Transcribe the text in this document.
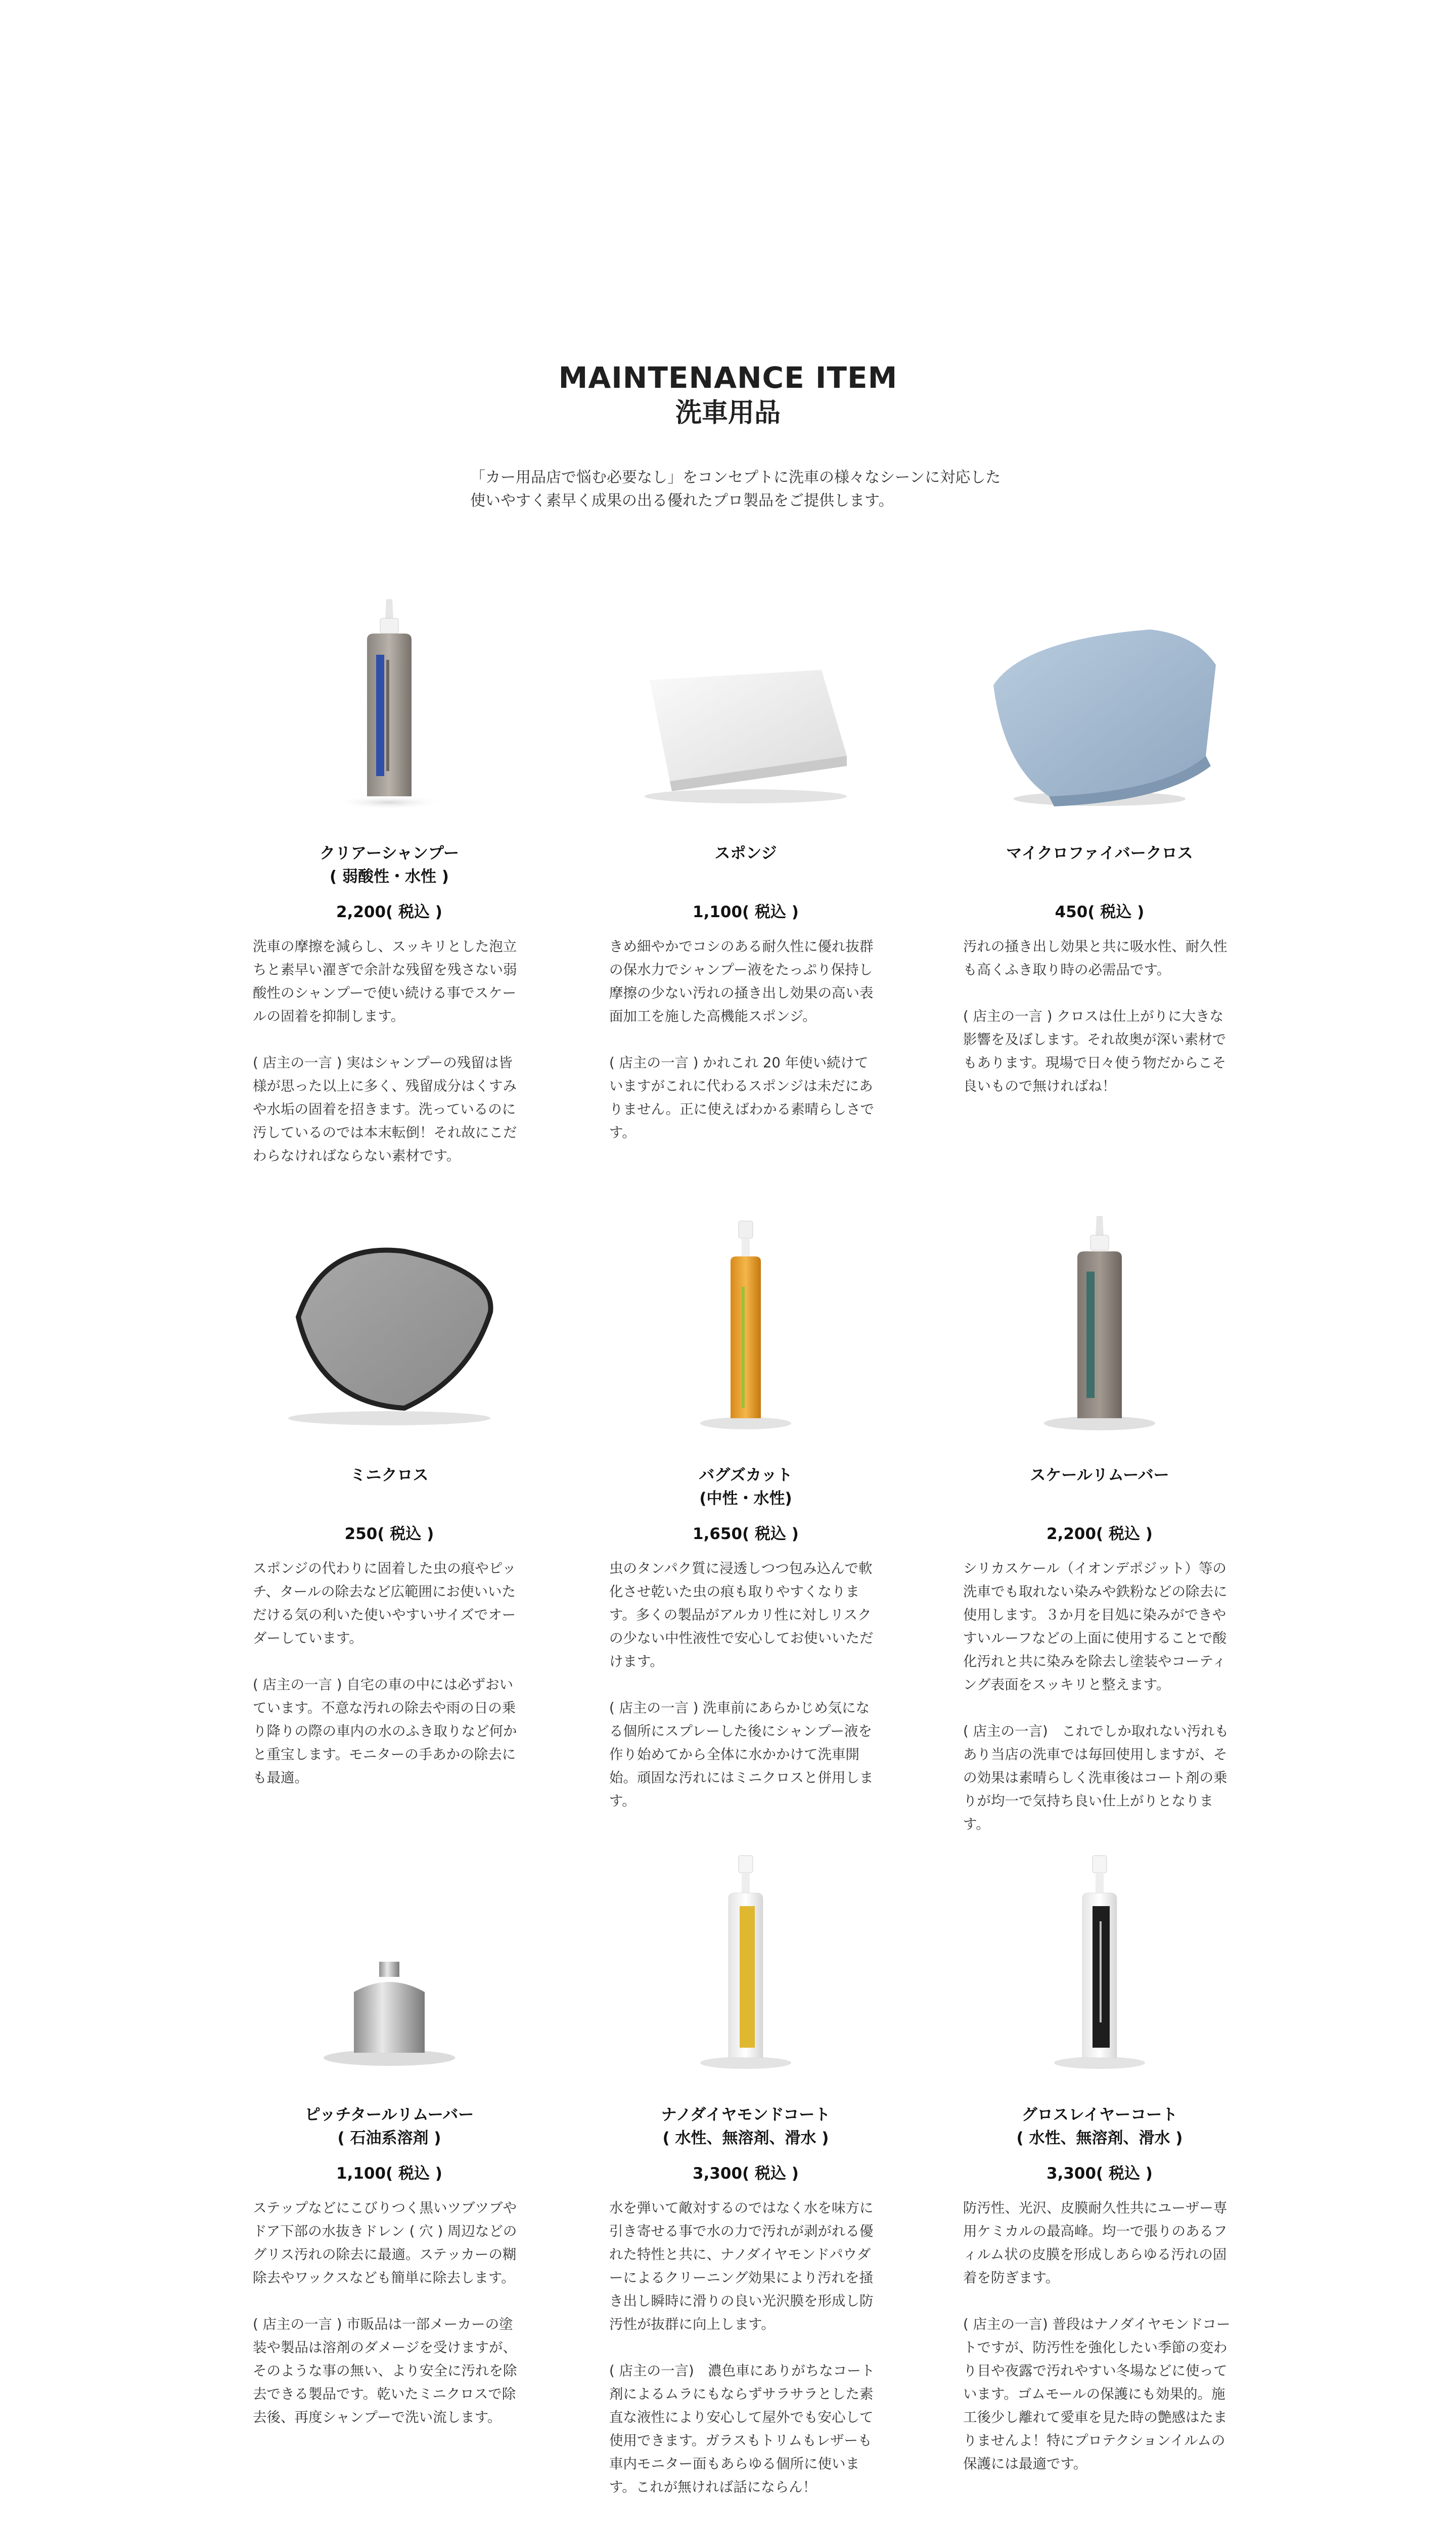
MAINTENANCE ITEM
洗車用品

「カー用品店で悩む必要なし」をコンセプトに洗車の様々なシーンに対応した

使いやすく素早く成果の出る優れたプロ製品をご提供します。

クリアーシャンプー
( 弱酸性・水性 )
2,200( 税込 )

洗車の摩擦を減らし、スッキリとした泡立ちと素早い濯ぎで余計な残留を残さない弱酸性のシャンプーで使い続ける事でスケールの固着を抑制します。

( 店主の一言 ) 実はシャンプーの残留は皆様が思った以上に多く、残留成分はくすみや水垢の固着を招きます。洗っているのに汚しているのでは本末転倒！それ故にこだわらなければならない素材です。

スポンジ
1,100( 税込 )

きめ細やかでコシのある耐久性に優れ抜群の保水力でシャンプー液をたっぷり保持し摩擦の少ない汚れの掻き出し効果の高い表面加工を施した高機能スポンジ。

( 店主の一言 ) かれこれ 20 年使い続けていますがこれに代わるスポンジは未だにありません。正に使えばわかる素晴らしさです。

マイクロファイバークロス
450( 税込 )

汚れの掻き出し効果と共に吸水性、耐久性も高くふき取り時の必需品です。

( 店主の一言 ) クロスは仕上がりに大きな影響を及ぼします。それ故奥が深い素材でもあります。現場で日々使う物だからこそ良いもので無ければね！

ミニクロス
250( 税込 )

スポンジの代わりに固着した虫の痕やピッチ、タールの除去など広範囲にお使いいただける気の利いた使いやすいサイズでオーダーしています。

( 店主の一言 ) 自宅の車の中には必ずおいています。不意な汚れの除去や雨の日の乗り降りの際の車内の水のふき取りなど何かと重宝します。モニターの手あかの除去にも最適。

バグズカット
(中性・水性)
1,650( 税込 )

虫のタンパク質に浸透しつつ包み込んで軟化させ乾いた虫の痕も取りやすくなります。多くの製品がアルカリ性に対しリスクの少ない中性液性で安心してお使いいただけます。

( 店主の一言 ) 洗車前にあらかじめ気になる個所にスプレーした後にシャンプー液を作り始めてから全体に水かかけて洗車開始。頑固な汚れにはミニクロスと併用します。

スケールリムーバー
2,200( 税込 )

シリカスケール（イオンデポジット）等の洗車でも取れない染みや鉄粉などの除去に使用します。３か月を目処に染みができやすいルーフなどの上面に使用することで酸化汚れと共に染みを除去し塗装やコーティング表面をスッキリと整えます。

( 店主の一言)　これでしか取れない汚れもあり当店の洗車では毎回使用しますが、その効果は素晴らしく洗車後はコート剤の乗りが均一で気持ち良い仕上がりとなります。

ピッチタールリムーバー
( 石油系溶剤 )
1,100( 税込 )

ステップなどにこびりつく黒いツブツブやドア下部の水抜きドレン ( 穴 ) 周辺などのグリス汚れの除去に最適。ステッカーの糊除去やワックスなども簡単に除去します。

( 店主の一言 ) 市販品は一部メーカーの塗装や製品は溶剤のダメージを受けますが、そのような事の無い、より安全に汚れを除去できる製品です。乾いたミニクロスで除去後、再度シャンプーで洗い流します。

ナノダイヤモンドコート
( 水性、無溶剤、滑水 )
3,300( 税込 )

水を弾いて敵対するのではなく水を味方に引き寄せる事で水の力で汚れが剥がれる優れた特性と共に、ナノダイヤモンドパウダーによるクリーニング効果により汚れを掻き出し瞬時に滑りの良い光沢膜を形成し防汚性が抜群に向上します。

( 店主の一言)　濃色車にありがちなコート剤によるムラにもならずサラサラとした素直な液性により安心して屋外でも安心して使用できます。ガラスもトリムもレザーも車内モニター面もあらゆる個所に使います。これが無ければ話にならん！

グロスレイヤーコート
( 水性、無溶剤、滑水 )
3,300( 税込 )

防汚性、光沢、皮膜耐久性共にユーザー専用ケミカルの最高峰。均一で張りのあるフィルム状の皮膜を形成しあらゆる汚れの固着を防ぎます。

( 店主の一言) 普段はナノダイヤモンドコートですが、防汚性を強化したい季節の変わり目や夜露で汚れやすい冬場などに使っています。ゴムモールの保護にも効果的。施工後少し離れて愛車を見た時の艶感はたまりませんよ！特にプロテクションイルムの保護には最適です。
